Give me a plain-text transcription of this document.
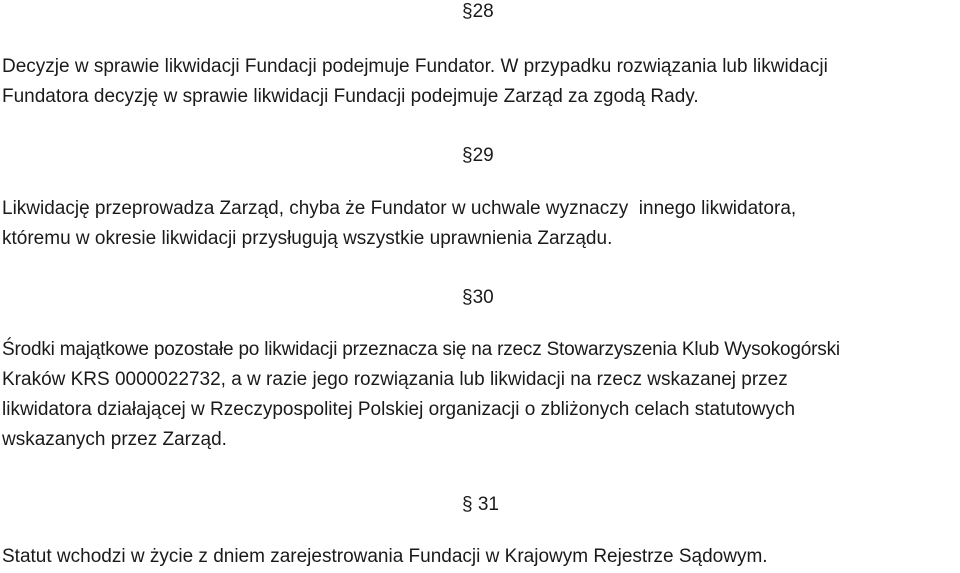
§28

Decyzje w sprawie likwidacji Fundacji podejmuje Fundator. W przypadku rozwiązania lub likwidacji
Fundatora decyzję w sprawie likwidacji Fundacji podejmuje Zarząd za zgodą Rady.

§29

Likwidację przeprowadza Zarząd, chyba że Fundator w uchwale wyznaczy  innego likwidatora,
któremu w okresie likwidacji przysługują wszystkie uprawnienia Zarządu.

§30

Środki majątkowe pozostałe po likwidacji przeznacza się na rzecz Stowarzyszenia Klub Wysokogórski
Kraków KRS 0000022732, a w razie jego rozwiązania lub likwidacji na rzecz wskazanej przez
likwidatora działającej w Rzeczypospolitej Polskiej organizacji o zbliżonych celach statutowych
wskazanych przez Zarząd.

§ 31

Statut wchodzi w życie z dniem zarejestrowania Fundacji w Krajowym Rejestrze Sądowym.
